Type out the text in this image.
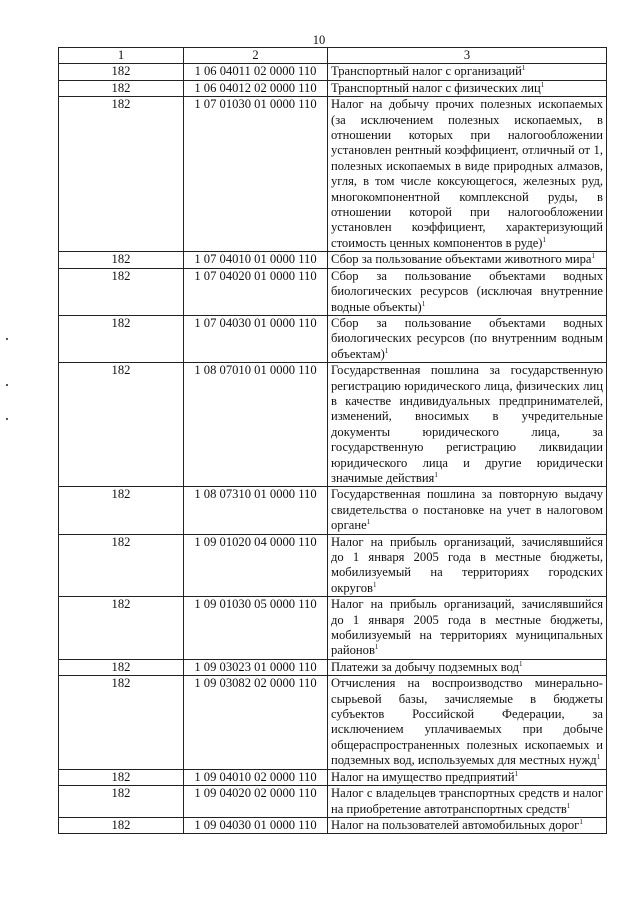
10
1	2	3
182	1 06 04011 02 0000 110	Транспортный налог с организаций$^1$
182	1 06 04012 02 0000 110	Транспортный налог с физических лиц$^1$
182	1 07 01030 01 0000 110	Налог на добычу прочих полезных ископаемых (за исключением полезных ископаемых, в отношении которых при налогообложении установлен рентный коэффициент, отличный от 1, полезных ископаемых в виде природных алмазов, угля, в том числе коксующегося, железных руд, многокомпонентной комплексной руды, в отношении которой при налогообложении установлен коэффициент, характеризующий стоимость ценных компонентов в руде)$^1$
182	1 07 04010 01 0000 110	Сбор за пользование объектами животного мира$^1$
182	1 07 04020 01 0000 110	Сбор за пользование объектами водных биологических ресурсов (исключая внутренние водные объекты)$^1$
182	1 07 04030 01 0000 110	Сбор за пользование объектами водных биологических ресурсов (по внутренним водным объектам)$^1$
182	1 08 07010 01 0000 110	Государственная пошлина за государственную регистрацию юридического лица, физических лиц в качестве индивидуальных предпринимателей, изменений, вносимых в учредительные документы юридического лица, за государственную регистрацию ликвидации юридического лица и другие юридически значимые действия$^1$
182	1 08 07310 01 0000 110	Государственная пошлина за повторную выдачу свидетельства о постановке на учет в налоговом органе$^1$
182	1 09 01020 04 0000 110	Налог на прибыль организаций, зачислявшийся до 1 января 2005 года в местные бюджеты, мобилизуемый на территориях городских округов$^1$
182	1 09 01030 05 0000 110	Налог на прибыль организаций, зачислявшийся до 1 января 2005 года в местные бюджеты, мобилизуемый на территориях муниципальных районов$^1$
182	1 09 03023 01 0000 110	Платежи за добычу подземных вод$^1$
182	1 09 03082 02 0000 110	Отчисления на воспроизводство минерально-сырьевой базы, зачисляемые в бюджеты субъектов Российской Федерации, за исключением уплачиваемых при добыче общераспространенных полезных ископаемых и подземных вод, используемых для местных нужд$^1$
182	1 09 04010 02 0000 110	Налог на имущество предприятий$^1$
182	1 09 04020 02 0000 110	Налог с владельцев транспортных средств и налог на приобретение автотранспортных средств$^1$
182	1 09 04030 01 0000 110	Налог на пользователей автомобильных дорог$^1$
